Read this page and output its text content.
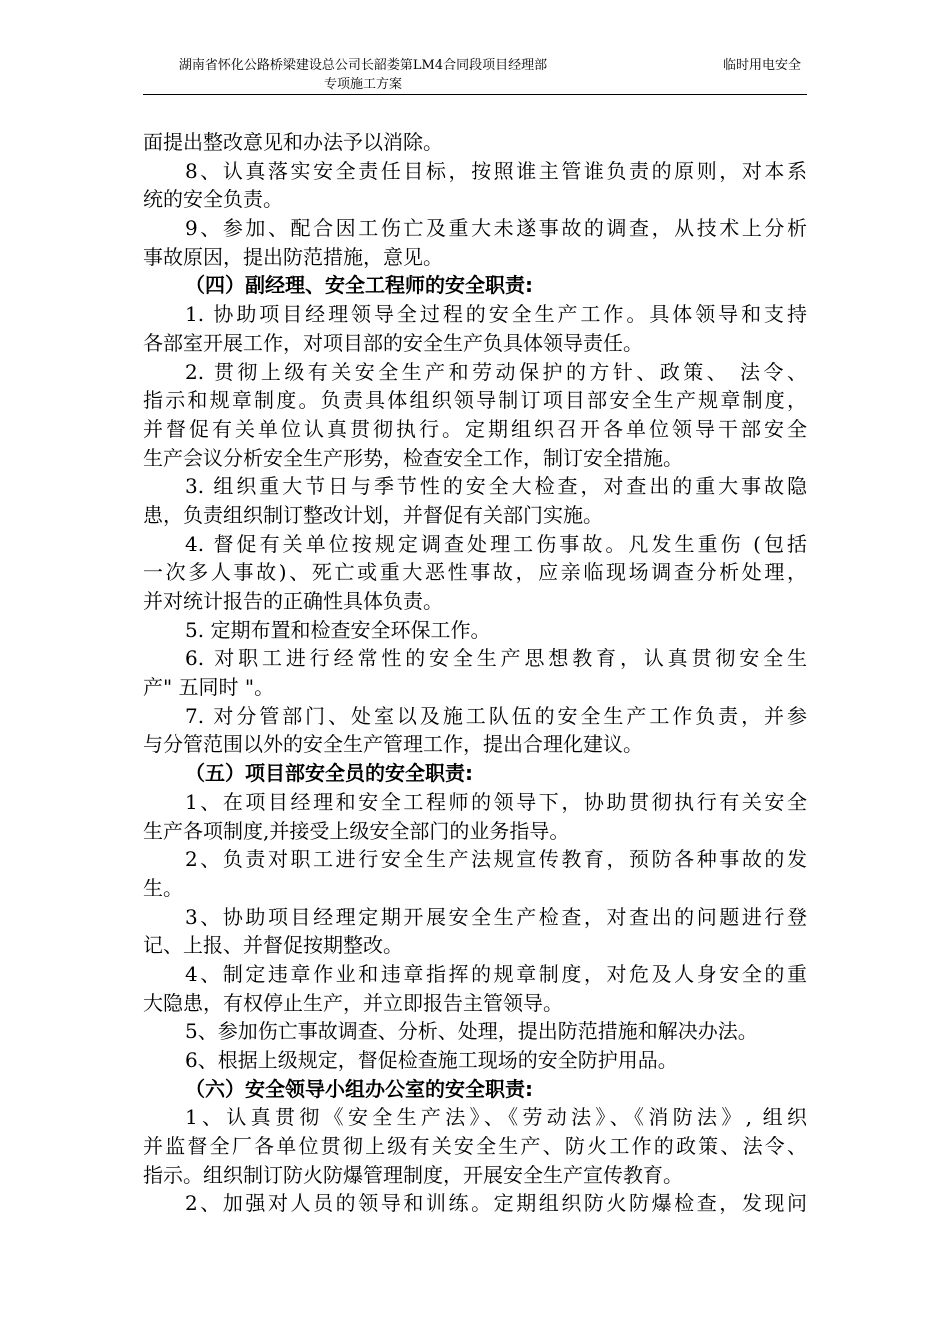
湖南省怀化公路桥梁建设总公司长韶娄第LM4合同段项目经理部
专项施工方案
临时用电安全
面提出整改意见和办法予以消除。
8、认真落实安全责任目标，按照谁主管谁负责的原则，对本系
统的安全负责。
9、参加、配合因工伤亡及重大未遂事故的调查，从技术上分析
事故原因，提出防范措施，意见。
（四）副经理、安全工程师的安全职责:
1. 协助项目经理领导全过程的安全生产工作。具体领导和支持
各部室开展工作，对项目部的安全生产负具体领导责任。
2. 贯彻上级有关安全生产和劳动保护的方针、政策、 法令、
指示和规章制度。负责具体组织领导制订项目部安全生产规章制度，
并督促有关单位认真贯彻执行。定期组织召开各单位领导干部安全
生产会议分析安全生产形势，检查安全工作，制订安全措施。
3. 组织重大节日与季节性的安全大检查，对查出的重大事故隐
患，负责组织制订整改计划，并督促有关部门实施。
4. 督促有关单位按规定调查处理工伤事故。凡发生重伤 (包括
一次多人事故)、死亡或重大恶性事故，应亲临现场调查分析处理，
并对统计报告的正确性具体负责。
5. 定期布置和检查安全环保工作。
6. 对职工进行经常性的安全生产思想教育，认真贯彻安全生
产" 五同时 "。
7. 对分管部门、处室以及施工队伍的安全生产工作负责，并参
与分管范围以外的安全生产管理工作，提出合理化建议。
（五）项目部安全员的安全职责:
1、在项目经理和安全工程师的领导下，协助贯彻执行有关安全
生产各项制度,并接受上级安全部门的业务指导。
2、负责对职工进行安全生产法规宣传教育，预防各种事故的发
生。
3、协助项目经理定期开展安全生产检查，对查出的问题进行登
记、上报、并督促按期整改。
4、制定违章作业和违章指挥的规章制度，对危及人身安全的重
大隐患，有权停止生产，并立即报告主管领导。
5、参加伤亡事故调查、分析、处理，提出防范措施和解决办法。
6、根据上级规定，督促检查施工现场的安全防护用品。
（六）安全领导小组办公室的安全职责:
1、认真贯彻《安全生产法》、《劳动法》、《消防法》, 组织
并监督全厂各单位贯彻上级有关安全生产、防火工作的政策、法令、
指示。组织制订防火防爆管理制度，开展安全生产宣传教育。
2、加强对人员的领导和训练。定期组织防火防爆检查，发现问
